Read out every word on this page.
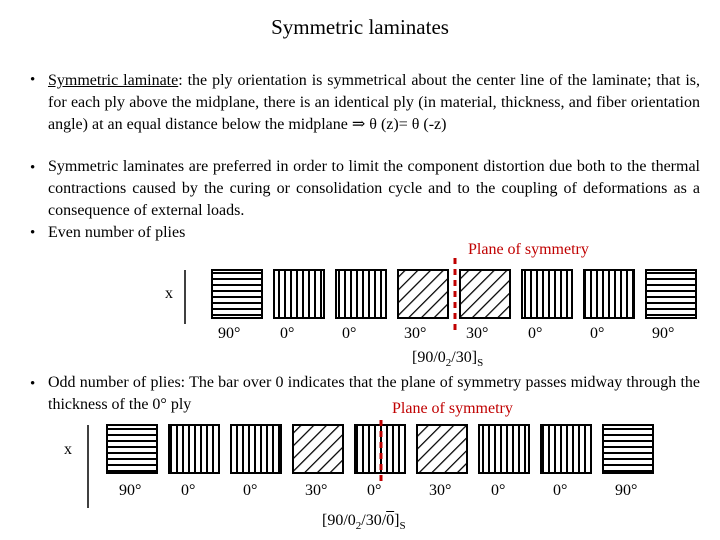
Symmetric laminates
• Symmetric laminate: the ply orientation is symmetrical about the center line of the laminate; that is, for each ply above the midplane, there is an identical ply (in material, thickness, and fiber orientation angle) at an equal distance below the midplane ⇒ θ (z)= θ (-z)
• Symmetric laminates are preferred in order to limit the component distortion due both to the thermal contractions caused by the curing or consolidation cycle and to the coupling of deformations as a consequence of external loads.
• Even number of plies
Plane of symmetry
• Odd number of plies: The bar over 0 indicates that the plane of symmetry passes midway through the thickness of the 0° ply	Plane of symmetry
x
x
90° 0°	0°	30° 30° 0°	0°	90°
90° 0°	0°	30° 0°	30° 0°	0°	90°
$[90/0_2/30]_S$
$[90/0_2/30/0]_S$
